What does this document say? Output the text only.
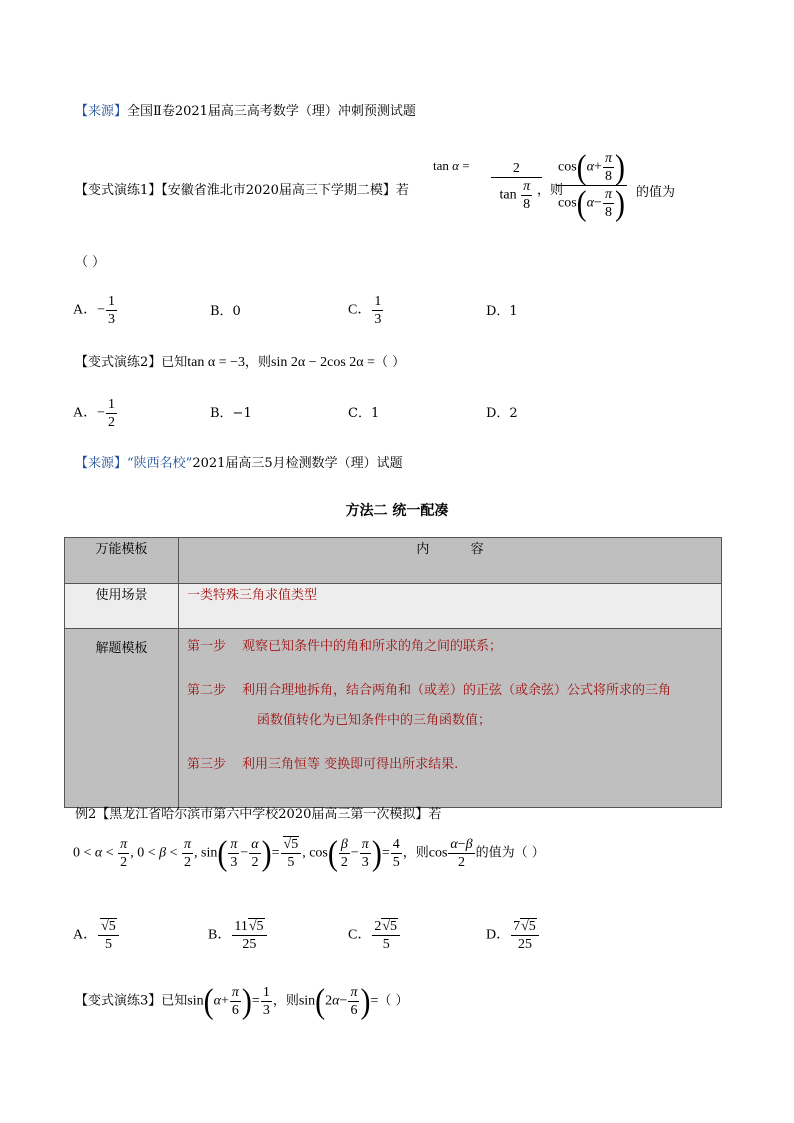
【来源】全国Ⅱ卷2021届高三高考数学（理）冲刺预测试题
【变式演练1】【安徽省淮北市2020届高三下学期二模】若
$\tan \alpha = \frac{2}{\tan \frac{\pi}{8}}$
，则
$\frac{\cos(\alpha+ \frac{\pi}{8} )}{\cos(\alpha- \frac{\pi}{8} )}$ 的值为
（ ）
A．− $\frac{1}{3}$	B．0	C． $\frac{1}{3}$	D．1
【变式演练2】已知tan α = −3，则sin 2α − 2cos 2α =（ ）
A．− $\frac{1}{2}$	B．−1	C．1	D．2
【来源】“陕西名校”2021届高三5月检测数学（理）试题
方法二 统一配凑
万能模板	内          容
使用场景	一类特殊三角求值类型
解题模板	第一步 观察已知条件中的角和所求的角之间的联系；
第二步 利用合理地拆角，结合两角和（或差）的正弦（或余弦）公式将所求的三角
函数值转化为已知条件中的三角函数值；
第三步 利用三角恒等 变换即可得出所求结果.
例2【黑龙江省哈尔滨市第六中学校2020届高三第一次模拟】若
$0 < \alpha < \frac{\pi}{2}$ , $0 < \beta < \frac{\pi}{2}$ , $\sin( \frac{\pi}{3} - \frac{\alpha}{2}$ )= $\frac{√5}{5}$ , $\cos( \frac{\beta}{2} - \frac{\pi}{3}$ )= $\frac{4}{5}$ ，则$\cos \frac{\alpha-\beta}{2}$ 的值为（ ）
A． $\frac{√5}{5}$	B． $\frac{11√5}{25}$	C． $\frac{2√5}{5}$	D． $\frac{7√5}{25}$
【变式演练3】已知$\sin(\alpha+ \frac{\pi}{6}$ )= $\frac{1}{3}$ ，则$\sin(2\alpha- \frac{\pi}{6}$ )=（ ）
